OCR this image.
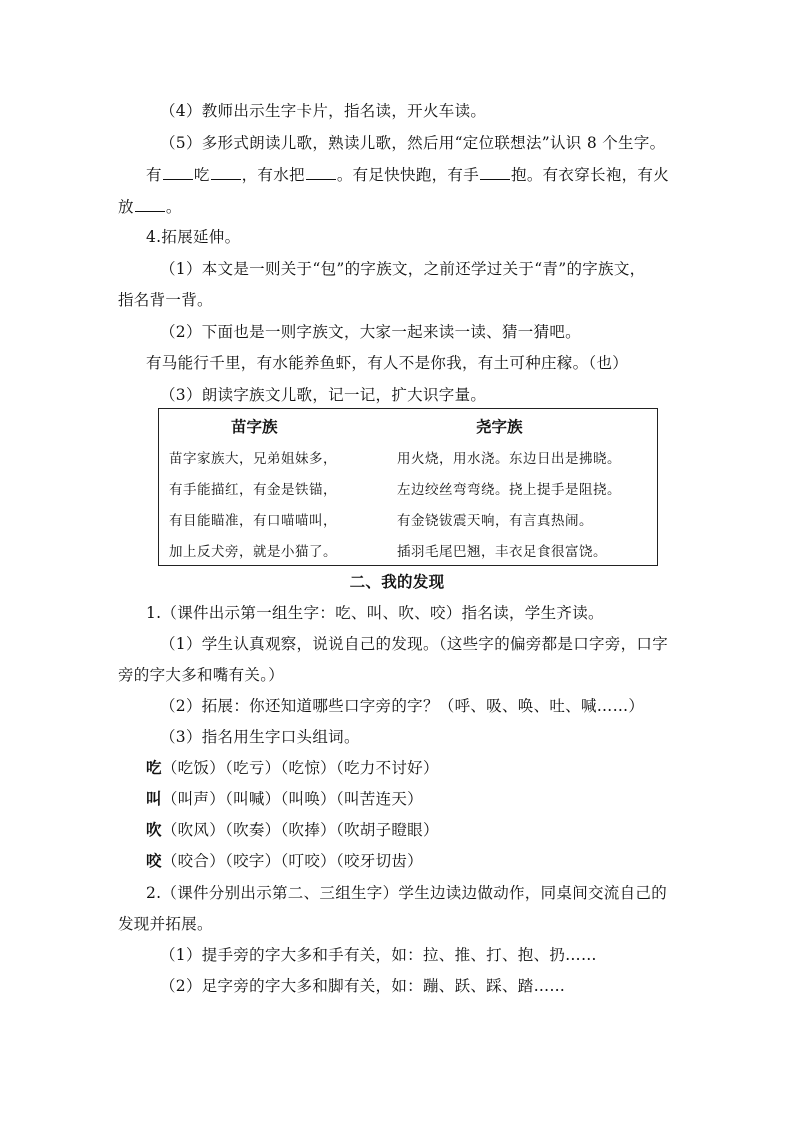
（4）教师出示生字卡片，指名读，开火车读。
（5）多形式朗读儿歌，熟读儿歌，然后用“定位联想法”认识 8 个生字。
有 吃 ，有水把 。有足快快跑，有手 抱。有衣穿长袍，有火
放 。
4.拓展延伸。
（1）本文是一则关于“包”的字族文，之前还学过关于“青”的字族文，
指名背一背。
（2）下面也是一则字族文，大家一起来读一读、猜一猜吧。
有马能行千里，有水能养鱼虾，有人不是你我，有土可种庄稼。（也）
（3）朗读字族文儿歌，记一记，扩大识字量。
苗字族	尧字族
苗字家族大，兄弟姐妹多，
有手能描红，有金是铁锚，
有目能瞄准，有口喵喵叫，
加上反犬旁，就是小猫了。
用火烧，用水浇。东边日出是拂晓。
左边绞丝弯弯绕。挠上提手是阻挠。
有金铙钹震天响，有言真热闹。
插羽毛尾巴翘，丰衣足食很富饶。
二、我的发现
1.（课件出示第一组生字：吃、叫、吹、咬）指名读，学生齐读。
（1）学生认真观察，说说自己的发现。（这些字的偏旁都是口字旁，口字
旁的字大多和嘴有关。）
（2）拓展：你还知道哪些口字旁的字？（呼、吸、唤、吐、喊……）
（3）指名用生字口头组词。
吃（吃饭）（吃亏）（吃惊）（吃力不讨好）
叫（叫声）（叫喊）（叫唤）（叫苦连天）
吹（吹风）（吹奏）（吹捧）（吹胡子瞪眼）
咬（咬合）（咬字）（叮咬）（咬牙切齿）
2.（课件分别出示第二、三组生字）学生边读边做动作，同桌间交流自己的
发现并拓展。
（1）提手旁的字大多和手有关，如：拉、推、打、抱、扔……
（2）足字旁的字大多和脚有关，如：蹦、跃、踩、踏……
